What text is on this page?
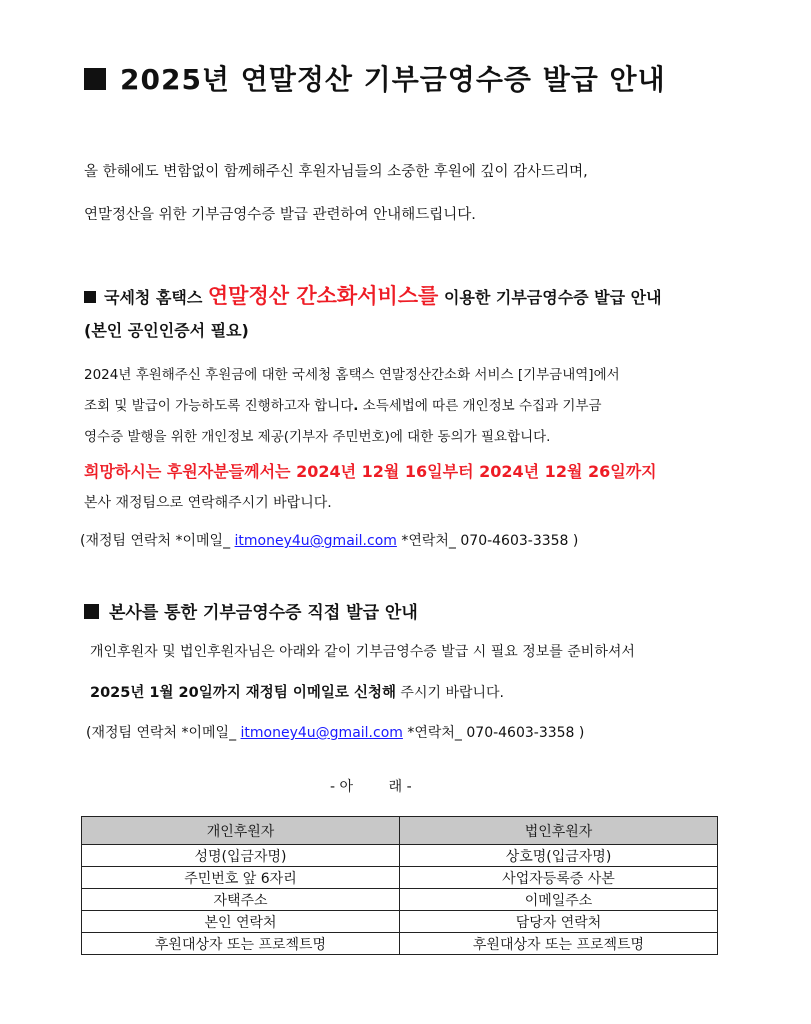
2025년 연말정산 기부금영수증 발급 안내
올 한해에도 변함없이 함께해주신 후원자님들의 소중한 후원에 깊이 감사드리며,
연말정산을 위한 기부금영수증 발급 관련하여 안내해드립니다.
국세청 홈택스 연말정산 간소화서비스를 이용한 기부금영수증 발급 안내
(본인 공인인증서 필요)
2024년 후원해주신 후원금에 대한 국세청 홈택스 연말정산간소화 서비스 [기부금내역]에서
조회 및 발급이 가능하도록 진행하고자 합니다. 소득세법에 따른 개인정보 수집과 기부금
영수증 발행을 위한 개인정보 제공(기부자 주민번호)에 대한 동의가 필요합니다.
희망하시는 후원자분들께서는 2024년 12월 16일부터 2024년 12월 26일까지
본사 재정팀으로 연락해주시기 바랍니다.
(재정팀 연락처 *이메일_ itmoney4u@gmail.com *연락처_ 070-4603-3358 )
본사를 통한 기부금영수증 직접 발급 안내
개인후원자 및 법인후원자님은 아래와 같이 기부금영수증 발급 시 필요 정보를 준비하셔서
2025년 1월 20일까지 재정팀 이메일로 신청해 주시기 바랍니다.
(재정팀 연락처 *이메일_ itmoney4u@gmail.com *연락처_ 070-4603-3358 )
- 아        래 -
개인후원자	법인후원자
성명(입금자명)	상호명(입금자명)
주민번호 앞 6자리	사업자등록증 사본
자택주소	이메일주소
본인 연락처	담당자 연락처
후원대상자 또는 프로젝트명	후원대상자 또는 프로젝트명
